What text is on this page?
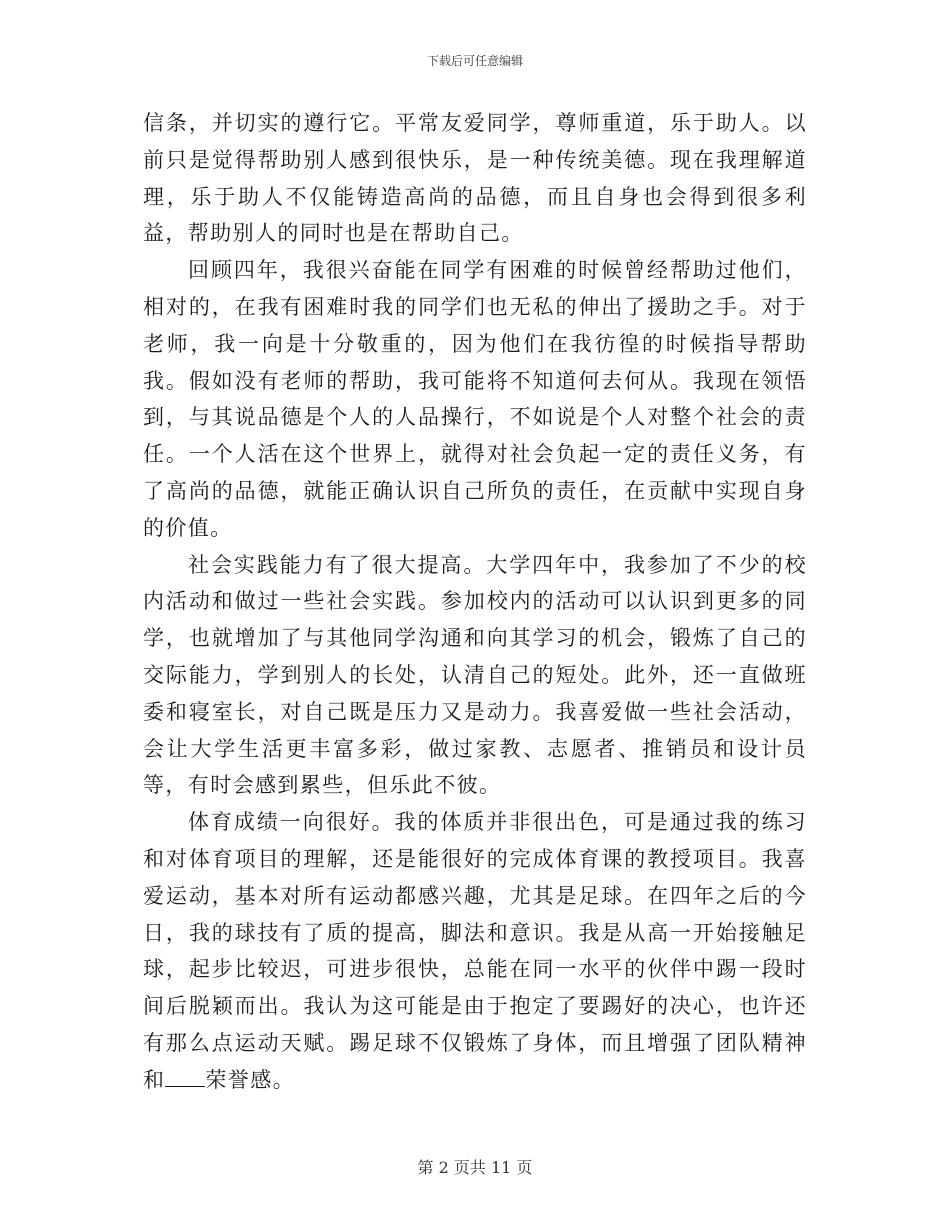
下载后可任意编辑

信条，并切实的遵行它。平常友爱同学，尊师重道，乐于助人。以前只是觉得帮助别人感到很快乐，是一种传统美德。现在我理解道理，乐于助人不仅能铸造高尚的品德，而且自身也会得到很多利益，帮助别人的同时也是在帮助自己。

回顾四年，我很兴奋能在同学有困难的时候曾经帮助过他们，相对的，在我有困难时我的同学们也无私的伸出了援助之手。对于老师，我一向是十分敬重的，因为他们在我彷徨的时候指导帮助我。假如没有老师的帮助，我可能将不知道何去何从。我现在领悟到，与其说品德是个人的人品操行，不如说是个人对整个社会的责任。一个人活在这个世界上，就得对社会负起一定的责任义务，有了高尚的品德，就能正确认识自己所负的责任，在贡献中实现自身的价值。

社会实践能力有了很大提高。大学四年中，我参加了不少的校内活动和做过一些社会实践。参加校内的活动可以认识到更多的同学，也就增加了与其他同学沟通和向其学习的机会，锻炼了自己的交际能力，学到别人的长处，认清自己的短处。此外，还一直做班委和寝室长，对自己既是压力又是动力。我喜爱做一些社会活动，会让大学生活更丰富多彩，做过家教、志愿者、推销员和设计员等，有时会感到累些，但乐此不彼。

体育成绩一向很好。我的体质并非很出色，可是通过我的练习和对体育项目的理解，还是能很好的完成体育课的教授项目。我喜爱运动，基本对所有运动都感兴趣，尤其是足球。在四年之后的今日，我的球技有了质的提高，脚法和意识。我是从高一开始接触足球，起步比较迟，可进步很快，总能在同一水平的伙伴中踢一段时间后脱颖而出。我认为这可能是由于抱定了要踢好的决心，也许还有那么点运动天赋。踢足球不仅锻炼了身体，而且增强了团队精神和 荣誉感。

第 2 页共 11 页
